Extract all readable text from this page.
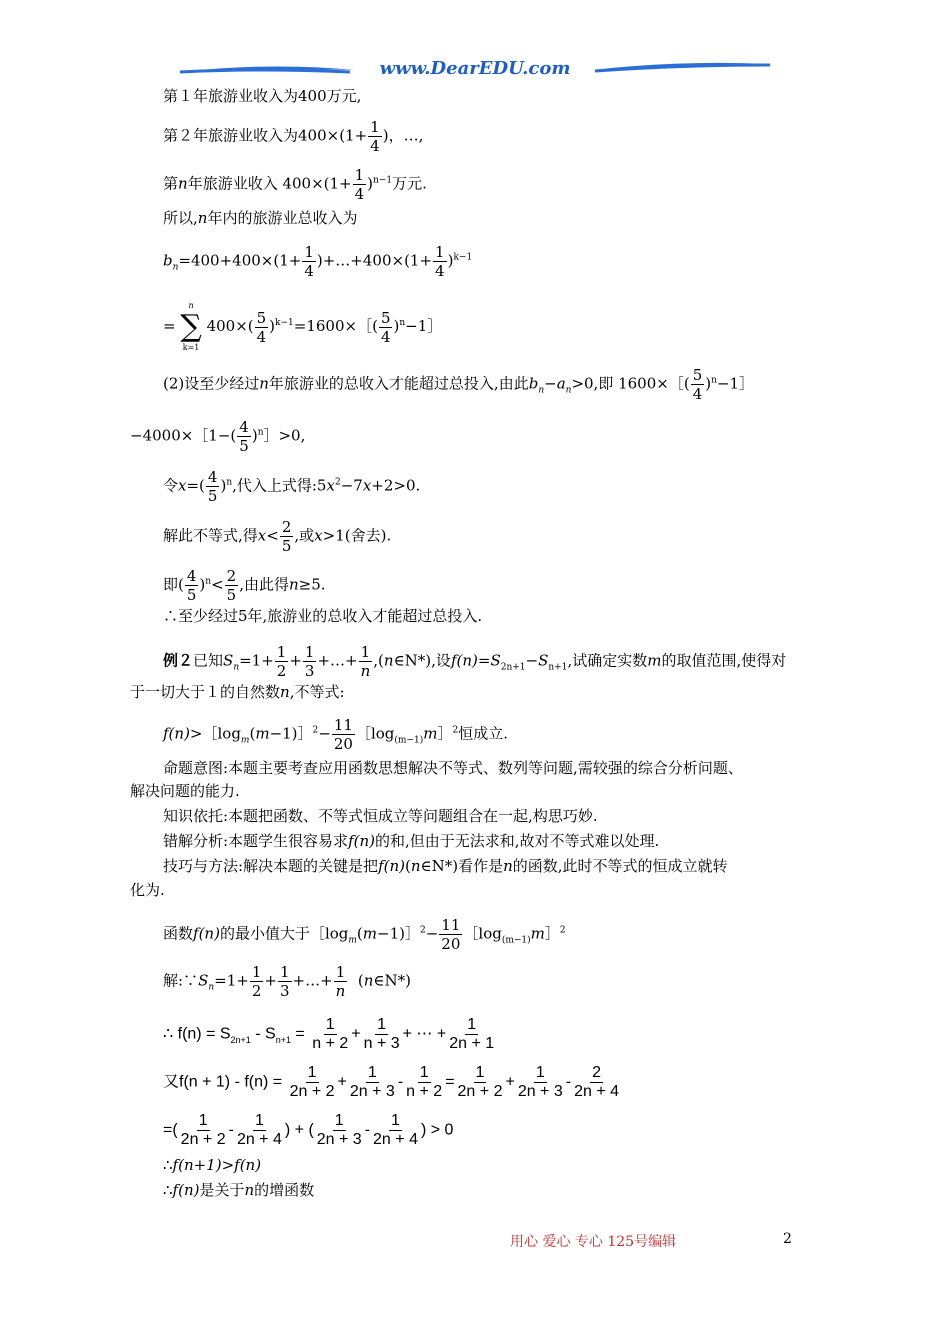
www.DearEDU.com
第１年旅游业收入为400万元,
第２年旅游业收入为$400\times(1+ \frac{1}{4}$ )，…,
第n年旅游业收入 $400\times(1+ \frac{1}{4} )^{n-1}$万元.
所以,n年内的旅游业总收入为
$b_n=400+400\times(1+ \frac{1}{4}$ )+…+400×(1+ $\frac{1}{4} )^{k-1}$
=
n
∑
k=1
$400\times( \frac{5}{4}$ )$^{k-1}=1600\times[( \frac{5}{4}$ )$^n$−1］
(2)设至少经过n年旅游业的总收入才能超过总投入,由此$b_n-a_n>0$,即 1600×［( $\frac{5}{4}$ )$^n$−1］
−4000×［1−( $\frac{4}{5}$ )$^n$］>0,
令$x=( \frac{4}{5} )^n$,代入上式得$:5x^2-7x+2>0$.
解此不等式,得$x< \frac{2}{5}$ ,或x>1(舍去).
即( $\frac{4}{5} )^n< \frac{2}{5}$ ,由此得n≥5.
∴至少经过5年,旅游业的总收入才能超过总投入.
例２已知$S_n=1+ \frac{1}{2} + \frac{1}{3}$ +…+ $\frac{1}{n}$ ,(n∈N*),设$f(n)=S_{2n+1}-S_{n+1}$,试确定实数m的取值范围,使得对
于一切大于１的自然数n,不等式:
$f(n)>[\log_m(m-1)]^2- \frac{11}{20}$ $[\log_{(m-1)}m]^2$恒成立.
命题意图:本题主要考查应用函数思想解决不等式、数列等问题,需较强的综合分析问题、
解决问题的能力.
知识依托:本题把函数、不等式恒成立等问题组合在一起,构思巧妙.
错解分析:本题学生很容易求f(n)的和,但由于无法求和,故对不等式难以处理.
技巧与方法:解决本题的关键是把f(n)(n∈N*)看作是n的函数,此时不等式的恒成立就转
化为.
函数f(n)的最小值大于$[\log_m(m-1)]^2- \frac{11}{20}$ $[\log_{(m-1)}m]^2$
解$:\because S_n=1+ \frac{1}{2} + \frac{1}{3}$ +…+ $\frac{1}{n}$ (n∈N*)
∴ $f(n) = S_{2n+1} - S_{n+1} = \frac{1}{n + 2} + \frac{1}{n + 3}$ + ⋯ + $\frac{1}{2n + 1}$
又$f(n + 1) - f(n) = \frac{1}{2n + 2} + \frac{1}{2n + 3} - \frac{1}{n + 2} = \frac{1}{2n + 2} + \frac{1}{2n + 3} - \frac{2}{2n + 4}$
=( $\frac{1}{2n + 2} - \frac{1}{2n + 4}$ ) + ( $\frac{1}{2n + 3} - \frac{1}{2n + 4}$ ) > 0
∴f(n+1)>f(n)
∴f(n)是关于n的增函数
用心 爱心 专心 125号编辑	2
